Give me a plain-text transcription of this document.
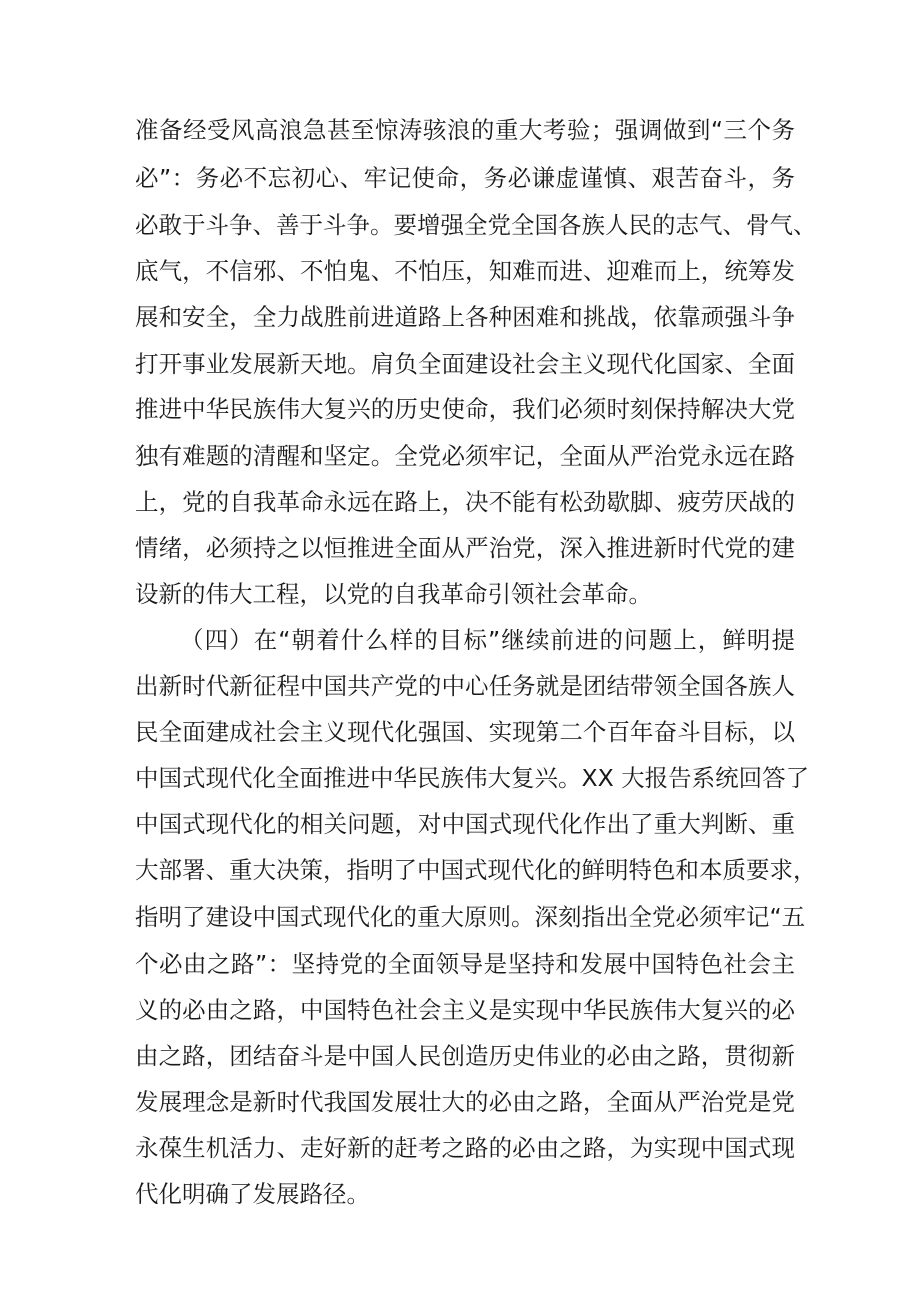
准备经受风高浪急甚至惊涛骇浪的重大考验；强调做到“三个务
必”：务必不忘初心、牢记使命，务必谦虚谨慎、艰苦奋斗，务
必敢于斗争、善于斗争。要增强全党全国各族人民的志气、骨气、
底气，不信邪、不怕鬼、不怕压，知难而进、迎难而上，统筹发
展和安全，全力战胜前进道路上各种困难和挑战，依靠顽强斗争
打开事业发展新天地。肩负全面建设社会主义现代化国家、全面
推进中华民族伟大复兴的历史使命，我们必须时刻保持解决大党
独有难题的清醒和坚定。全党必须牢记，全面从严治党永远在路
上，党的自我革命永远在路上，决不能有松劲歇脚、疲劳厌战的
情绪，必须持之以恒推进全面从严治党，深入推进新时代党的建
设新的伟大工程，以党的自我革命引领社会革命。
（四）在“朝着什么样的目标”继续前进的问题上，鲜明提
出新时代新征程中国共产党的中心任务就是团结带领全国各族人
民全面建成社会主义现代化强国、实现第二个百年奋斗目标，以
中国式现代化全面推进中华民族伟大复兴。XX 大报告系统回答了
中国式现代化的相关问题，对中国式现代化作出了重大判断、重
大部署、重大决策，指明了中国式现代化的鲜明特色和本质要求，
指明了建设中国式现代化的重大原则。深刻指出全党必须牢记“五
个必由之路”：坚持党的全面领导是坚持和发展中国特色社会主
义的必由之路，中国特色社会主义是实现中华民族伟大复兴的必
由之路，团结奋斗是中国人民创造历史伟业的必由之路，贯彻新
发展理念是新时代我国发展壮大的必由之路，全面从严治党是党
永葆生机活力、走好新的赶考之路的必由之路，为实现中国式现
代化明确了发展路径。
